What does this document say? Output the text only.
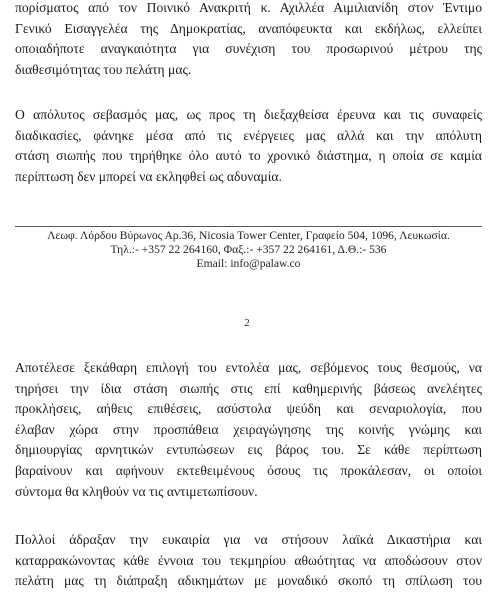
πορίσματος από τον Ποινικό Ανακριτή κ. Αχιλλέα Αιμιλιανίδη στον Έντιμο
Γενικό Εισαγγελέα της Δημοκρατίας, αναπόφευκτα και εκδήλως, ελλείπει
οποιαδήποτε αναγκαιότητα για συνέχιση του προσωρινού μέτρου της
διαθεσιμότητας του πελάτη μας.
Ο απόλυτος σεβασμός μας, ως προς τη διεξαχθείσα έρευνα και τις συναφείς
διαδικασίες, φάνηκε μέσα από τις ενέργειες μας αλλά και την απόλυτη
στάση σιωπής που τηρήθηκε όλο αυτό το χρονικό διάστημα, η οποία σε καμία
περίπτωση δεν μπορεί να εκληφθεί ως αδυναμία.
Λεωφ. Λόρδου Βύρωνος Αρ.36, Nicosia Tower Center, Γραφείο 504, 1096, Λευκωσία.
Τηλ.:- +357 22 264160, Φαξ.:- +357 22 264161, Δ.Θ.:- 536
Email: info@palaw.co
2
Αποτέλεσε ξεκάθαρη επιλογή του εντολέα μας, σεβόμενος τους θεσμούς, να
τηρήσει την ίδια στάση σιωπής στις επί καθημερινής βάσεως ανελέητες
προκλήσεις, αήθεις επιθέσεις, ασύστολα ψεύδη και σεναριολογία, που
έλαβαν χώρα στην προσπάθεια χειραγώγησης της κοινής γνώμης και
δημιουργίας αρνητικών εντυπώσεων εις βάρος του. Σε κάθε περίπτωση
βαραίνουν και αφήνουν εκτεθειμένους όσους τις προκάλεσαν, οι οποίοι
σύντομα θα κληθούν να τις αντιμετωπίσουν.
Πολλοί άδραξαν την ευκαιρία για να στήσουν λαϊκά Δικαστήρια και
καταρρακώνοντας κάθε έννοια του τεκμηρίου αθωότητας να αποδώσουν στον
πελάτη μας τη διάπραξη αδικημάτων με μοναδικό σκοπό τη σπίλωση του
